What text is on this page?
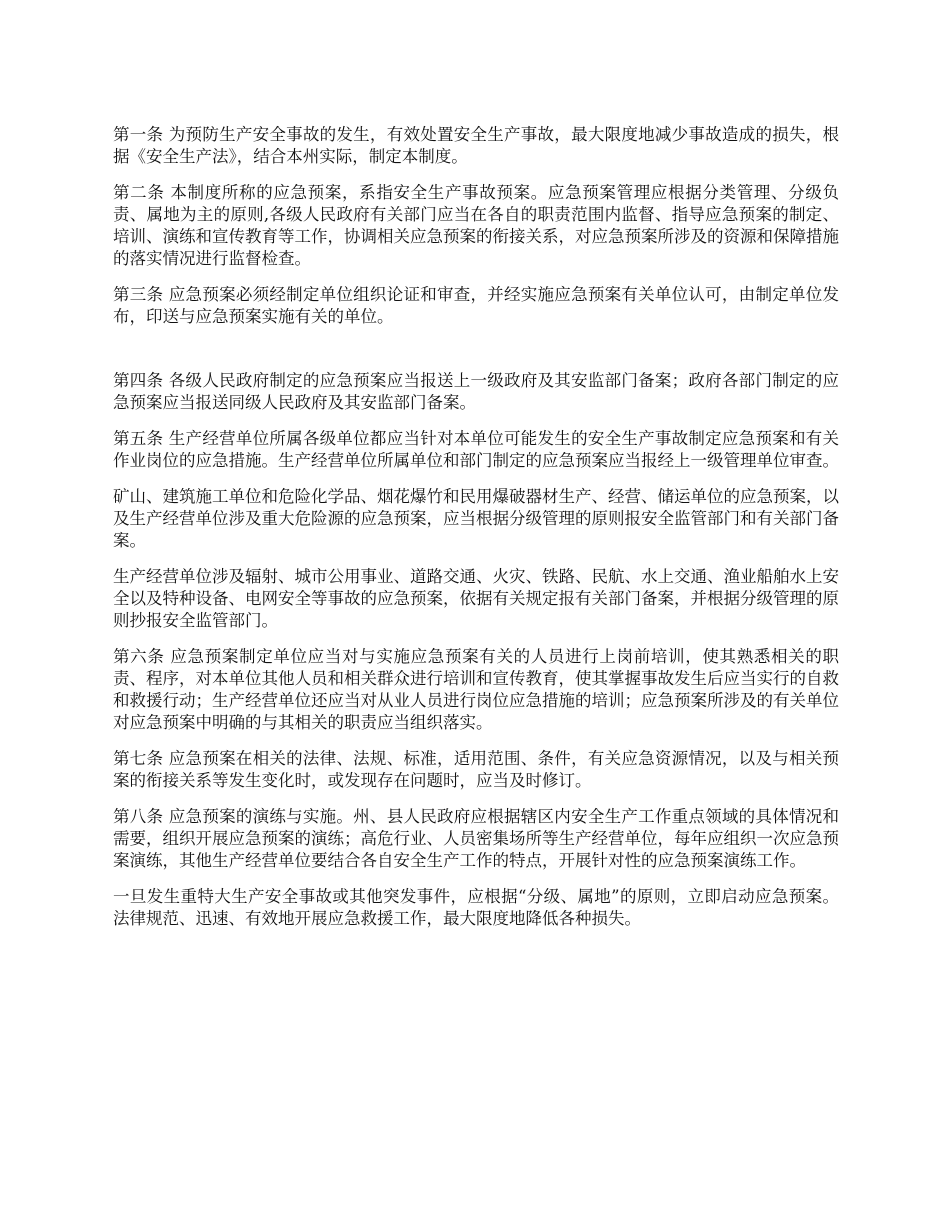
第一条 为预防生产安全事故的发生，有效处置安全生产事故，最大限度地减少事故造成的损失，根据《安全生产法》，结合本州实际，制定本制度。

第二条 本制度所称的应急预案，系指安全生产事故预案。应急预案管理应根据分类管理、分级负责、属地为主的原则,各级人民政府有关部门应当在各自的职责范围内监督、指导应急预案的制定、培训、演练和宣传教育等工作，协调相关应急预案的衔接关系，对应急预案所涉及的资源和保障措施的落实情况进行监督检查。

第三条 应急预案必须经制定单位组织论证和审查，并经实施应急预案有关单位认可，由制定单位发布，印送与应急预案实施有关的单位。

第四条 各级人民政府制定的应急预案应当报送上一级政府及其安监部门备案；政府各部门制定的应急预案应当报送同级人民政府及其安监部门备案。

第五条 生产经营单位所属各级单位都应当针对本单位可能发生的安全生产事故制定应急预案和有关作业岗位的应急措施。生产经营单位所属单位和部门制定的应急预案应当报经上一级管理单位审查。

矿山、建筑施工单位和危险化学品、烟花爆竹和民用爆破器材生产、经营、储运单位的应急预案，以及生产经营单位涉及重大危险源的应急预案，应当根据分级管理的原则报安全监管部门和有关部门备案。

生产经营单位涉及辐射、城市公用事业、道路交通、火灾、铁路、民航、水上交通、渔业船舶水上安全以及特种设备、电网安全等事故的应急预案，依据有关规定报有关部门备案，并根据分级管理的原则抄报安全监管部门。

第六条 应急预案制定单位应当对与实施应急预案有关的人员进行上岗前培训，使其熟悉相关的职责、程序，对本单位其他人员和相关群众进行培训和宣传教育，使其掌握事故发生后应当实行的自救和救援行动；生产经营单位还应当对从业人员进行岗位应急措施的培训；应急预案所涉及的有关单位对应急预案中明确的与其相关的职责应当组织落实。

第七条 应急预案在相关的法律、法规、标准，适用范围、条件，有关应急资源情况，以及与相关预案的衔接关系等发生变化时，或发现存在问题时，应当及时修订。

第八条 应急预案的演练与实施。州、县人民政府应根据辖区内安全生产工作重点领域的具体情况和需要，组织开展应急预案的演练；高危行业、人员密集场所等生产经营单位，每年应组织一次应急预案演练，其他生产经营单位要结合各自安全生产工作的特点，开展针对性的应急预案演练工作。

一旦发生重特大生产安全事故或其他突发事件，应根据“分级、属地”的原则，立即启动应急预案。法律规范、迅速、有效地开展应急救援工作，最大限度地降低各种损失。
